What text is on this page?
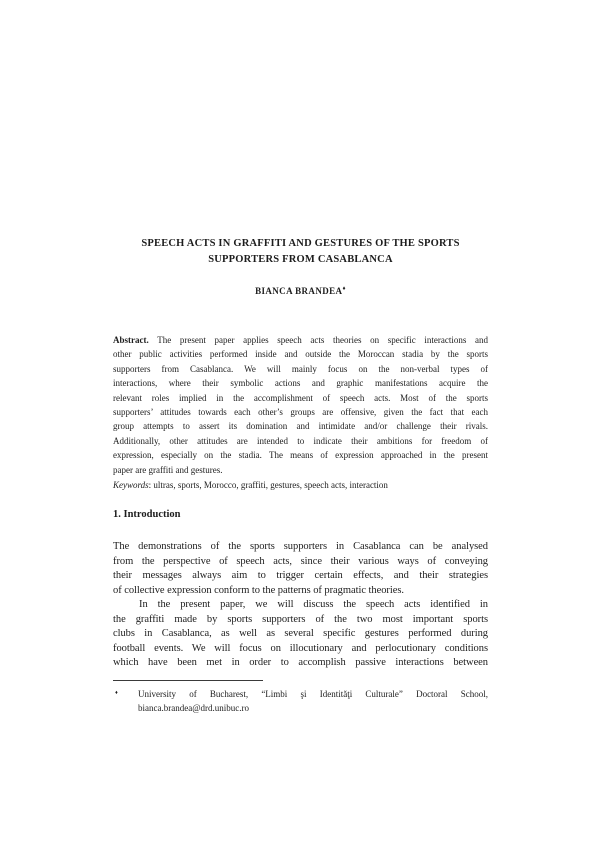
SPEECH ACTS IN GRAFFITI AND GESTURES OF THE SPORTS
SUPPORTERS FROM CASABLANCA
BIANCA BRANDEA♦
Abstract. The present paper applies speech acts theories on specific interactions and
other public activities performed inside and outside the Moroccan stadia by the sports
supporters from Casablanca. We will mainly focus on the non-verbal types of
interactions, where their symbolic actions and graphic manifestations acquire the
relevant roles implied in the accomplishment of speech acts. Most of the sports
supporters’ attitudes towards each other’s groups are offensive, given the fact that each
group attempts to assert its domination and intimidate and/or challenge their rivals.
Additionally, other attitudes are intended to indicate their ambitions for freedom of
expression, especially on the stadia. The means of expression approached in the present
paper are graffiti and gestures.
Keywords: ultras, sports, Morocco, graffiti, gestures, speech acts, interaction
1. Introduction
The demonstrations of the sports supporters in Casablanca can be analysed
from the perspective of speech acts, since their various ways of conveying
their messages always aim to trigger certain effects, and their strategies
of collective expression conform to the patterns of pragmatic theories.
In the present paper, we will discuss the speech acts identified in
the graffiti made by sports supporters of the two most important sports
clubs in Casablanca, as well as several specific gestures performed during
football events. We will focus on illocutionary and perlocutionary conditions
which have been met in order to accomplish passive interactions between
♦ University of Bucharest, “Limbi şi Identităţi Culturale” Doctoral School,
bianca.brandea@drd.unibuc.ro
